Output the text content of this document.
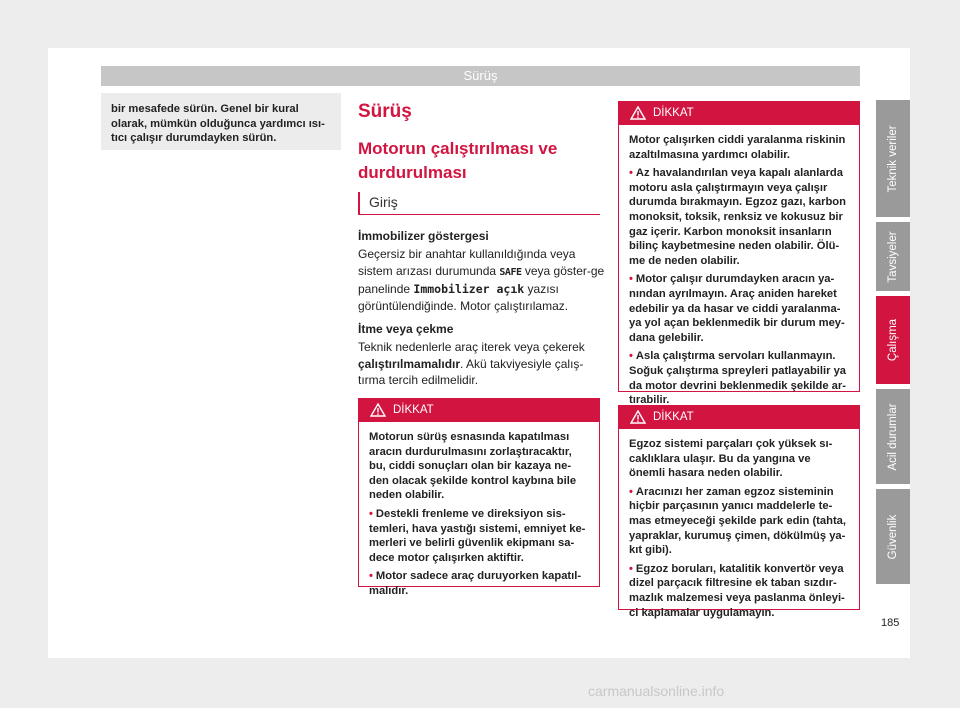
Sürüş
bir mesafede sürün. Genel bir kural olarak, mümkün olduğunca yardımcı ısı-tıcı çalışır durumdayken sürün.
Sürüş
Motorun çalıştırılması ve durdurulması
Giriş

İmmobilizer göstergesi

Geçersiz bir anahtar kullanıldığında veya sistem arızası durumunda SAFE veya göster-ge panelinde Immobilizer açık yazısı görüntülendiğinde. Motor çalıştırılamaz.

İtme veya çekme

Teknik nedenlerle araç iterek veya çekerek çalıştırılmamalıdır. Akü takviyesiyle çalış-tırma tercih edilmelidir.

DİKKAT

Motorun sürüş esnasında kapatılması aracın durdurulmasını zorlaştıracaktır, bu, ciddi sonuçları olan bir kazaya ne-den olacak şekilde kontrol kaybına bile neden olabilir.

• Destekli frenleme ve direksiyon sis-temleri, hava yastığı sistemi, emniyet ke-merleri ve belirli güvenlik ekipmanı sa-dece motor çalışırken aktiftir.

• Motor sadece araç duruyorken kapatıl-malıdır.

DİKKAT

Motor çalışırken ciddi yaralanma riskinin azaltılmasına yardımcı olabilir.

• Az havalandırılan veya kapalı alanlarda motoru asla çalıştırmayın veya çalışır durumda bırakmayın. Egzoz gazı, karbon monoksit, toksik, renksiz ve kokusuz bir gaz içerir. Karbon monoksit insanların bilinç kaybetmesine neden olabilir. Ölü-me de neden olabilir.

• Motor çalışır durumdayken aracın ya-nından ayrılmayın. Araç aniden hareket edebilir ya da hasar ve ciddi yaralanma-ya yol açan beklenmedik bir durum mey-dana gelebilir.

• Asla çalıştırma servoları kullanmayın. Soğuk çalıştırma spreyleri patlayabilir ya da motor devrini beklenmedik şekilde ar-tırabilir.

DİKKAT

Egzoz sistemi parçaları çok yüksek sı-caklıklara ulaşır. Bu da yangına ve önemli hasara neden olabilir.

• Aracınızı her zaman egzoz sisteminin hiçbir parçasının yanıcı maddelerle te-mas etmeyeceği şekilde park edin (tahta, yapraklar, kurumuş çimen, dökülmüş ya-kıt gibi).

• Egzoz boruları, katalitik konvertör veya dizel parçacık filtresine ek taban sızdır-mazlık malzemesi veya paslanma önleyi-ci kaplamalar uygulamayın.

Teknik veriler
Tavsiyeler
Çalışma
Acil durumlar
Güvenlik
185
carmanualsonline.info
